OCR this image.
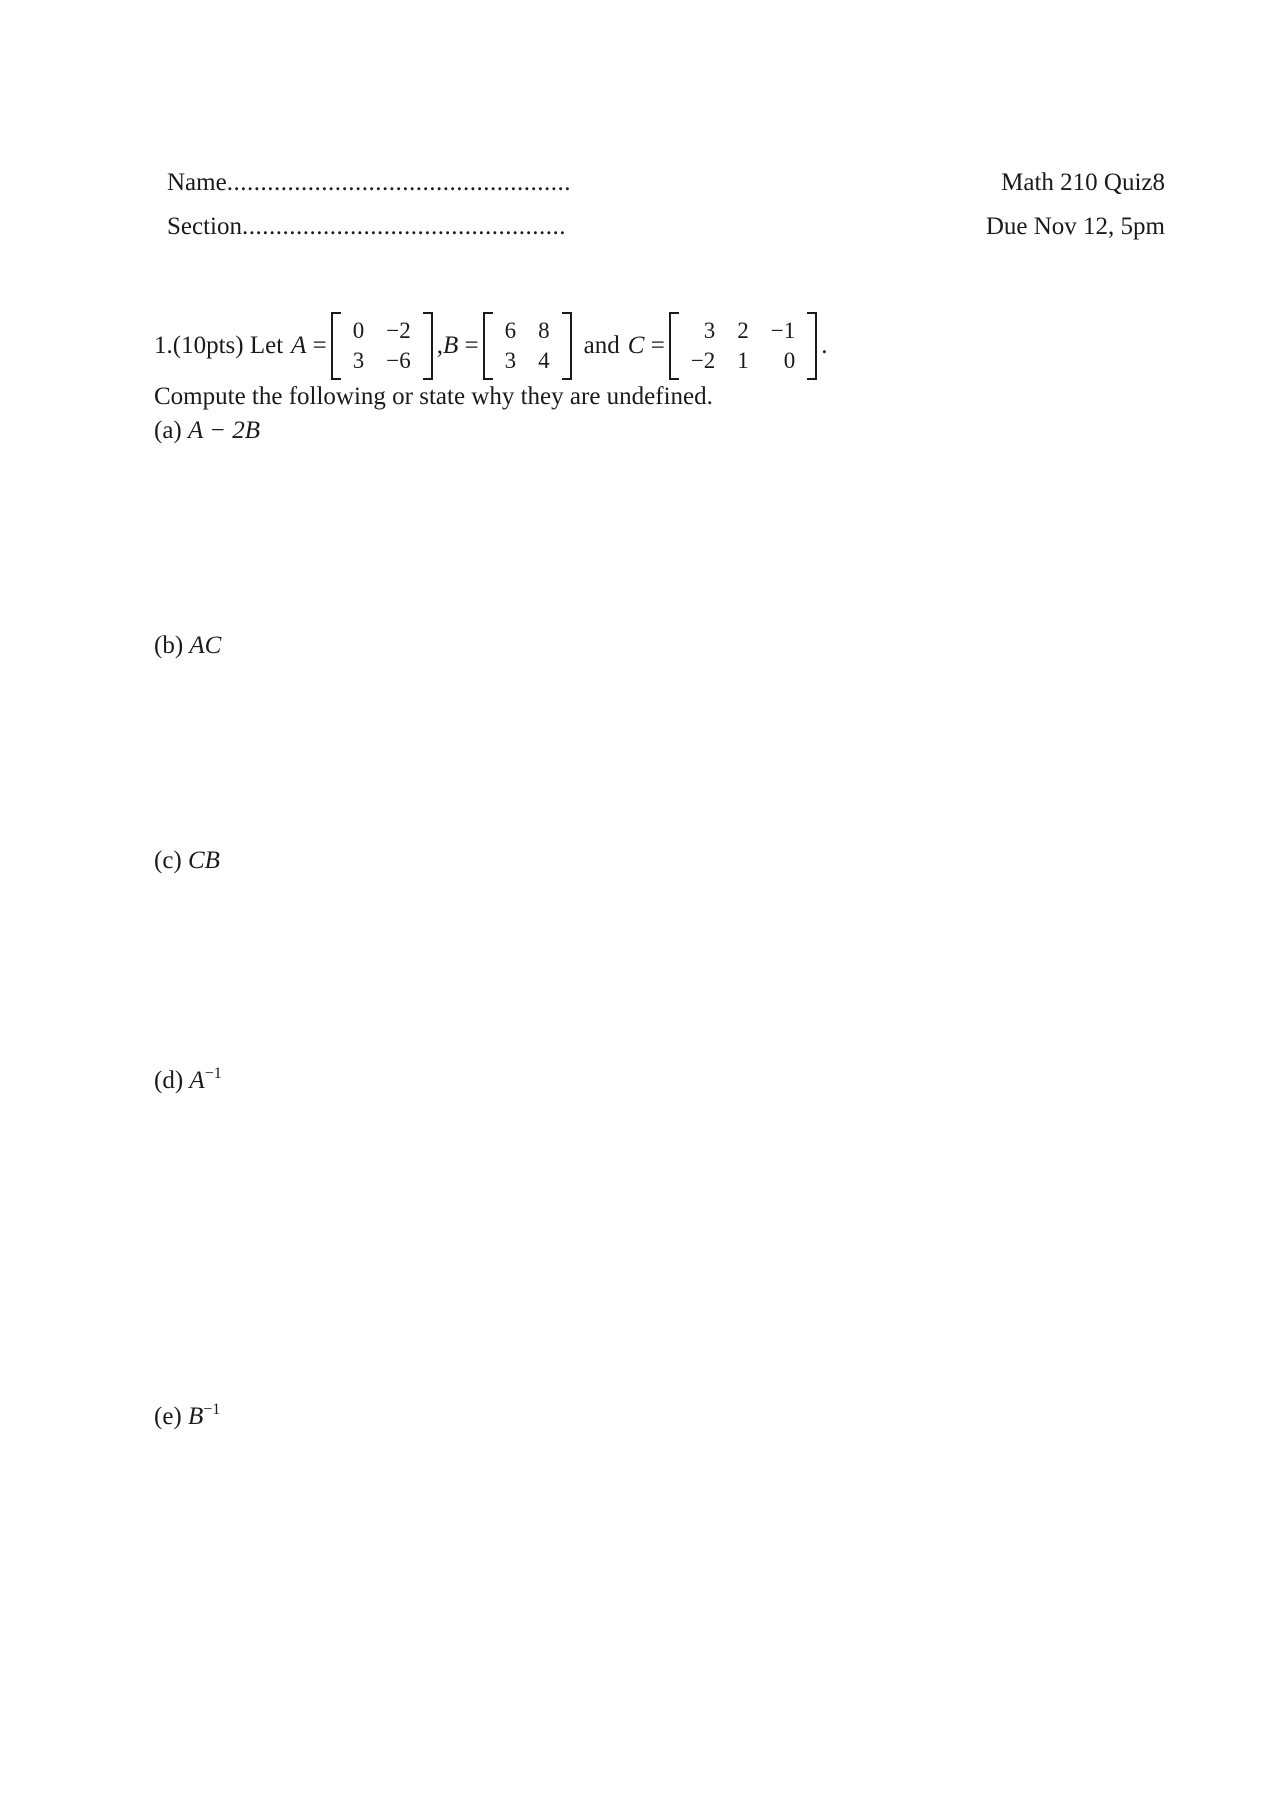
Name...................................................
Section................................................
Math 210 Quiz8
Due Nov 12, 5pm
1.(10pts) Let A =
0 −2
3 −6
, B =
6 8
3 4
and C =
3 2 −1
−2 1	0
.
Compute the following or state why they are undefined.
(a) A − 2B
(b) AC
(c) CB
(d) $A^{-1}$
(e) $B^{-1}$
